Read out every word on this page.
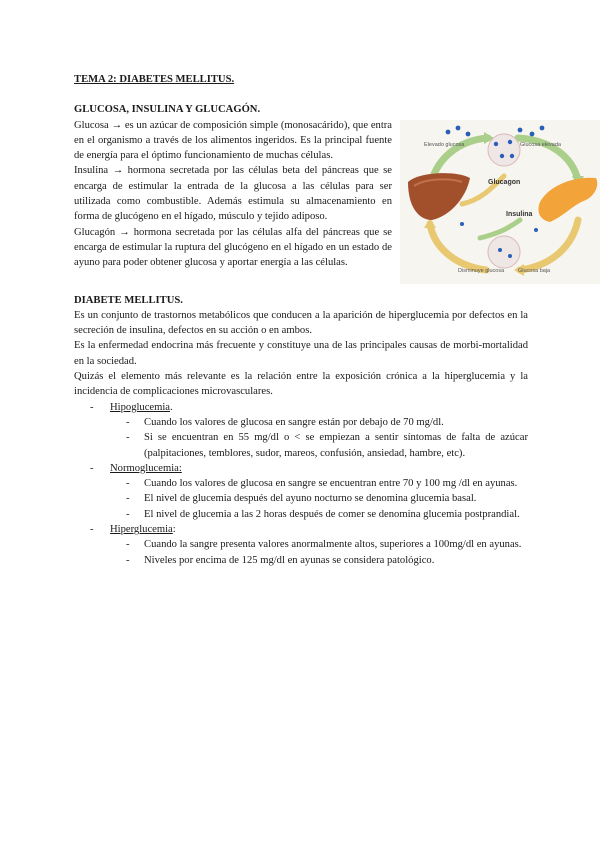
TEMA 2: DIABETES MELLITUS.

GLUCOSA, INSULINA Y GLUCAGÓN.

Glucosa → es un azúcar de composición simple (monosacárido), que entra en el organismo a través de los alimentos ingeridos. Es la principal fuente de energía para el óptimo funcionamiento de muchas células.

Insulina → hormona secretada por las células beta del páncreas que se encarga de estimular la entrada de la glucosa a las células para ser utilizada como combustible. Además estimula su almacenamiento en forma de glucógeno en el hígado, músculo y tejido adiposo.

Glucagón → hormona secretada por las células alfa del páncreas que se encarga de estimular la ruptura del glucógeno en el hígado en un estado de ayuno para poder obtener glucosa y aportar energía a las células.

Elevado glucosa	Glucosa elevada
Glucagon
Insulina
Disminuye glucosa	Glucosa baja

DIABETE MELLITUS.

Es un conjunto de trastornos metabólicos que conducen a la aparición de hiperglucemia por defectos en la secreción de insulina, defectos en su acción o en ambos.

Es la enfermedad endocrina más frecuente y constituye una de las principales causas de morbi-mortalidad en la sociedad.

Quizás el elemento más relevante es la relación entre la exposición crónica a la hiperglucemia y la incidencia de complicaciones microvasculares.

- Hipoglucemia.
- Cuando los valores de glucosa en sangre están por debajo de 70 mg/dl.
- Si se encuentran en 55 mg/dl o < se empiezan a sentir síntomas de falta de azúcar (palpitaciones, temblores, sudor, mareos, confusión, ansiedad, hambre, etc).
- Normoglucemia:
- Cuando los valores de glucosa en sangre se encuentran entre 70 y 100 mg /dl en ayunas.
- El nivel de glucemia después del ayuno nocturno se denomina glucemia basal.
- El nivel de glucemia a las 2 horas después de comer se denomina glucemia postprandial.
- Hiperglucemia:
- Cuando la sangre presenta valores anormalmente altos, superiores a 100mg/dl en ayunas.
- Niveles por encima de 125 mg/dl en ayunas se considera patológico.
